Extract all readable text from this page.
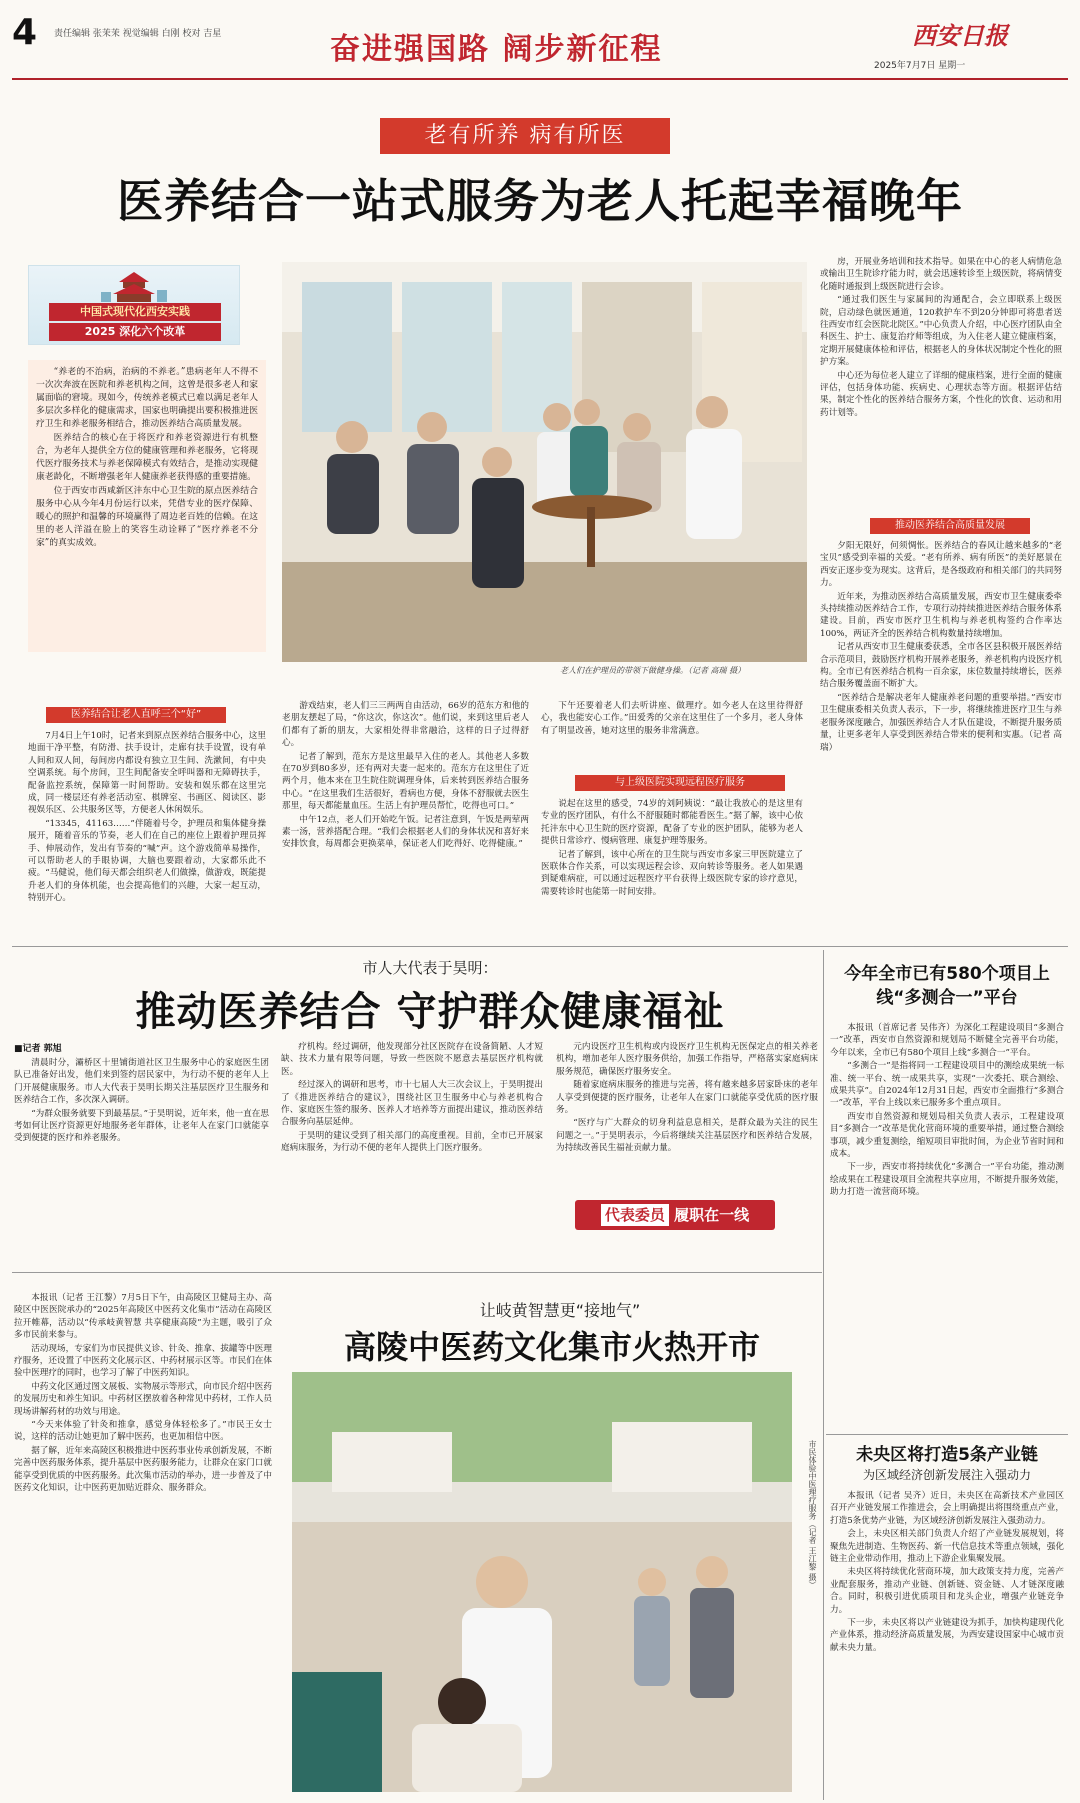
4 责任编辑 张茉茉 视觉编辑 白刚 校对 吉星	奋进强国路 阔步新征程	西安日报
2025年7月7日 星期一
老有所养 病有所医
医养结合一站式服务为老人托起幸福晚年
中国式现代化西安实践
2025 深化六个改革

“养老的不治病，治病的不养老。”患病老年人不得不一次次奔波在医院和养老机构之间，这曾是很多老人和家属面临的窘境。现如今，传统养老模式已难以满足老年人多层次多样化的健康需求，国家也明确提出要积极推进医疗卫生和养老服务相结合，推动医养结合高质量发展。

医养结合的核心在于将医疗和养老资源进行有机整合，为老年人提供全方位的健康管理和养老服务，它将现代医疗服务技术与养老保障模式有效结合，是推动实现健康老龄化，不断增强老年人健康养老获得感的重要措施。

位于西安市西咸新区沣东中心卫生院的原点医养结合服务中心从今年4月份运行以来，凭借专业的医疗保障、暖心的照护和温馨的环境赢得了周边老百姓的信赖。在这里的老人洋溢在脸上的笑容生动诠释了“医疗养老不分家”的真实成效。

老人们在护理员的带领下做健身操。（记者 高瑞 摄）
医养结合让老人直呼三个“好”

7月4日上午10时，记者来到原点医养结合服务中心，这里地面干净平整，有防滑、扶手设计，走廊有扶手设置，设有单人间和双人间，每间房内都设有独立卫生间、洗漱间，有中央空调系统。每个房间，卫生间配备安全呼叫器和无障碍扶手，配备监控系统，保障第一时间帮助。安装和娱乐都在这里完成，同一楼层还有养老活动室、棋牌室、书画区、阅读区、影视娱乐区、公共服务区等，方便老人休闲娱乐。

“13345，41163……”伴随着号令，护理员和集体健身操展开，随着音乐的节奏，老人们在自己的座位上跟着护理员挥手、伸展动作，发出有节奏的“喊”声。这个游戏简单易操作，可以帮助老人的手眼协调，大脑也要跟着动，大家都乐此不疲。“马健说，他们每天都会组织老人们做操，做游戏，既能提升老人们的身体机能，也会提高他们的兴趣，大家一起互动，特别开心。

游戏结束，老人们三三两两自由活动，66岁的范东方和他的老朋友摆起了局，“你这次，你这次”。他们说，来到这里后老人们都有了新的朋友，大家相处得非常融洽，这样的日子过得舒心。

记者了解到，范东方是这里最早入住的老人。其他老人多数在70岁到80多岁，还有两对夫妻一起来的。范东方在这里住了近两个月，他本来在卫生院住院调理身体，后来转到医养结合服务中心。“在这里我们生活很好，看病也方便，身体不舒服就去医生那里，每天都能量血压。生活上有护理员帮忙，吃得也可口。”

中午12点，老人们开始吃午饭。记者注意到，午饭是两荤两素一汤，营养搭配合理。“我们会根据老人们的身体状况和喜好来安排饮食，每周都会更换菜单，保证老人们吃得好、吃得健康。”

下午还要着老人们去听讲座、做理疗。如今老人在这里待得舒心，我也能安心工作。”田爱秀的父亲在这里住了一个多月，老人身体有了明显改善，她对这里的服务非常满意。

与上级医院实现远程医疗服务

说起在这里的感受，74岁的刘阿姨说：“最让我放心的是这里有专业的医疗团队，有什么不舒服随时都能看医生。”据了解，该中心依托沣东中心卫生院的医疗资源，配备了专业的医护团队，能够为老人提供日常诊疗、慢病管理、康复护理等服务。

记者了解到，该中心所在的卫生院与西安市多家三甲医院建立了医联体合作关系，可以实现远程会诊、双向转诊等服务。老人如果遇到疑难病症，可以通过远程医疗平台获得上级医院专家的诊疗意见，需要转诊时也能第一时间安排。

房，开展业务培训和技术指导。如果在中心的老人病情危急或输出卫生院诊疗能力时，就会迅速转诊至上级医院，将病情变化随时通报到上级医院进行会诊。

“通过我们医生与家属间的沟通配合，会立即联系上级医院，启动绿色就医通道，120救护车不到20分钟即可将患者送往西安市红会医院北院区。”中心负责人介绍，中心医疗团队由全科医生、护士、康复治疗师等组成，为入住老人建立健康档案，定期开展健康体检和评估，根据老人的身体状况制定个性化的照护方案。

中心还为每位老人建立了详细的健康档案，进行全面的健康评估，包括身体功能、疾病史、心理状态等方面。根据评估结果，制定个性化的医养结合服务方案，个性化的饮食、运动和用药计划等。

推动医养结合高质量发展

夕阳无限好，何须惆怅。医养结合的春风让越来越多的“老宝贝”感受到幸福的关爱。“老有所养、病有所医”的美好愿景在西安正逐步变为现实。这背后，是各级政府和相关部门的共同努力。

近年来，为推动医养结合高质量发展，西安市卫生健康委牵头持续推动医养结合工作，专项行动持续推进医养结合服务体系建设。目前，西安市医疗卫生机构与养老机构签约合作率达100%，两证齐全的医养结合机构数量持续增加。

记者从西安市卫生健康委获悉，全市各区县积极开展医养结合示范项目，鼓励医疗机构开展养老服务，养老机构内设医疗机构。全市已有医养结合机构一百余家，床位数量持续增长，医养结合服务覆盖面不断扩大。

“医养结合是解决老年人健康养老问题的重要举措。”西安市卫生健康委相关负责人表示，下一步，将继续推进医疗卫生与养老服务深度融合，加强医养结合人才队伍建设，不断提升服务质量，让更多老年人享受到医养结合带来的便利和实惠。（记者 高瑞）

市人大代表于昊明：
推动医养结合 守护群众健康福祉
■记者 郭旭

清晨时分，灞桥区十里铺街道社区卫生服务中心的家庭医生团队已准备好出发，他们来到签约居民家中，为行动不便的老年人上门开展健康服务。市人大代表于昊明长期关注基层医疗卫生服务和医养结合工作，多次深入调研。

“为群众服务就要下到最基层。”于昊明说，近年来，他一直在思考如何让医疗资源更好地服务老年群体，让老年人在家门口就能享受到便捷的医疗和养老服务。

疗机构。经过调研，他发现部分社区医院存在设备简陋、人才短缺、技术力量有限等问题，导致一些医院不愿意去基层医疗机构就医。

经过深入的调研和思考，市十七届人大三次会议上，于昊明提出了《推进医养结合的建议》，围绕社区卫生服务中心与养老机构合作、家庭医生签约服务、医养人才培养等方面提出建议，推动医养结合服务向基层延伸。

于昊明的建议受到了相关部门的高度重视。目前，全市已开展家庭病床服务，为行动不便的老年人提供上门医疗服务。

元内设医疗卫生机构或内设医疗卫生机构无医保定点的相关养老机构，增加老年人医疗服务供给，加强工作指导，严格落实家庭病床服务规范，确保医疗服务安全。

随着家庭病床服务的推进与完善，将有越来越多居家卧床的老年人享受到便捷的医疗服务，让老年人在家门口就能享受优质的医疗服务。

“医疗与广大群众的切身利益息息相关，是群众最为关注的民生问题之一。”于昊明表示，今后将继续关注基层医疗和医养结合发展，为持续改善民生福祉贡献力量。

代表委员 履职在一线
今年全市已有580个项目上线“多测合一”平台

本报讯（首席记者 吴伟齐）为深化工程建设项目“多测合一”改革，西安市自然资源和规划局不断健全完善平台功能，今年以来，全市已有580个项目上线“多测合一”平台。

“多测合一”是指将同一工程建设项目中的测绘成果统一标准、统一平台、统一成果共享，实现“一次委托、联合测绘、成果共享”。自2024年12月31日起，西安市全面推行“多测合一”改革，平台上线以来已服务多个重点项目。

西安市自然资源和规划局相关负责人表示，工程建设项目“多测合一”改革是优化营商环境的重要举措，通过整合测绘事项，减少重复测绘，缩短项目审批时间，为企业节省时间和成本。

下一步，西安市将持续优化“多测合一”平台功能，推动测绘成果在工程建设项目全流程共享应用，不断提升服务效能，助力打造一流营商环境。

本报讯（记者 王江黎）7月5日下午，由高陵区卫健局主办、高陵区中医医院承办的“2025年高陵区中医药文化集市”活动在高陵区拉开帷幕，活动以“传承岐黄智慧 共享健康高陵”为主题，吸引了众多市民前来参与。

活动现场，专家们为市民提供义诊、针灸、推拿、拔罐等中医理疗服务，还设置了中医药文化展示区、中药材展示区等。市民们在体验中医理疗的同时，也学习了解了中医药知识。

中药文化区通过图文展板、实物展示等形式，向市民介绍中医药的发展历史和养生知识。中药材区摆放着各种常见中药材，工作人员现场讲解药材的功效与用途。

“今天来体验了针灸和推拿，感觉身体轻松多了。”市民王女士说，这样的活动让她更加了解中医药，也更加相信中医。

据了解，近年来高陵区积极推进中医药事业传承创新发展，不断完善中医药服务体系，提升基层中医药服务能力，让群众在家门口就能享受到优质的中医药服务。此次集市活动的举办，进一步普及了中医药文化知识，让中医药更加贴近群众、服务群众。

让岐黄智慧更“接地气”
高陵中医药文化集市火热开市
市民体验中医理疗服务（记者 王江黎 摄）	未央区将打造5条产业链
为区域经济创新发展注入强动力

本报讯（记者 吴齐）近日，未央区在高新技术产业园区召开产业链发展工作推进会，会上明确提出将围绕重点产业，打造5条优势产业链，为区域经济创新发展注入强劲动力。

会上，未央区相关部门负责人介绍了产业链发展规划，将聚焦先进制造、生物医药、新一代信息技术等重点领域，强化链主企业带动作用，推动上下游企业集聚发展。

未央区将持续优化营商环境，加大政策支持力度，完善产业配套服务，推动产业链、创新链、资金链、人才链深度融合。同时，积极引进优质项目和龙头企业，增强产业链竞争力。

下一步，未央区将以产业链建设为抓手，加快构建现代化产业体系，推动经济高质量发展，为西安建设国家中心城市贡献未央力量。
